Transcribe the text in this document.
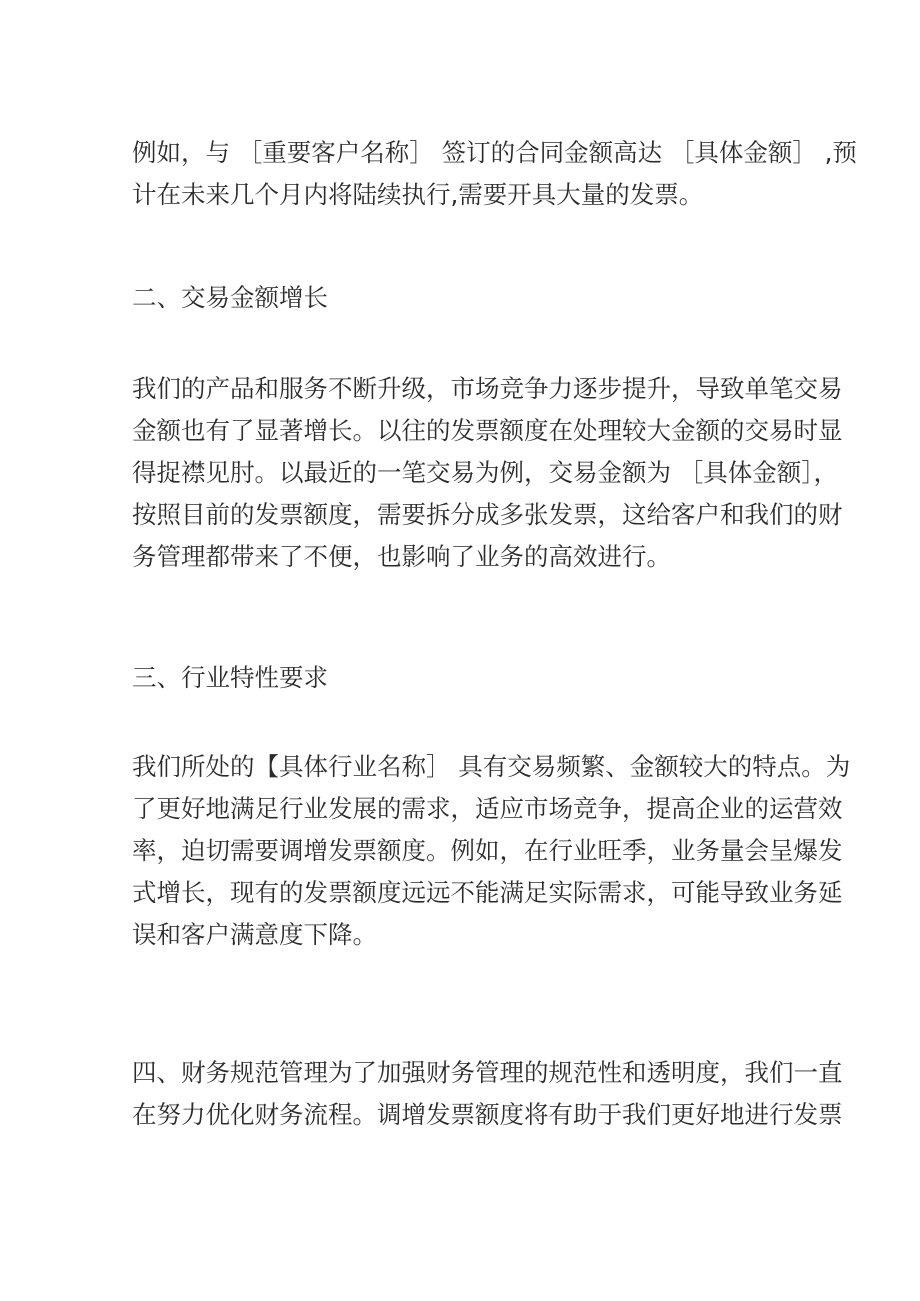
例如，与 ［重要客户名称］ 签订的合同金额高达 ［具体金额］ ,预
计在未来几个月内将陆续执行,需要开具大量的发票。

二、交易金额增长

我们的产品和服务不断升级，市场竞争力逐步提升，导致单笔交易
金额也有了显著增长。以往的发票额度在处理较大金额的交易时显
得捉襟见肘。以最近的一笔交易为例，交易金额为 ［具体金额］，
按照目前的发票额度，需要拆分成多张发票，这给客户和我们的财
务管理都带来了不便，也影响了业务的高效进行。

三、行业特性要求

我们所处的【具体行业名称］ 具有交易频繁、金额较大的特点。为
了更好地满足行业发展的需求，适应市场竞争，提高企业的运营效
率，迫切需要调增发票额度。例如，在行业旺季，业务量会呈爆发
式增长，现有的发票额度远远不能满足实际需求，可能导致业务延
误和客户满意度下降。

四、财务规范管理为了加强财务管理的规范性和透明度，我们一直
在努力优化财务流程。调增发票额度将有助于我们更好地进行发票
